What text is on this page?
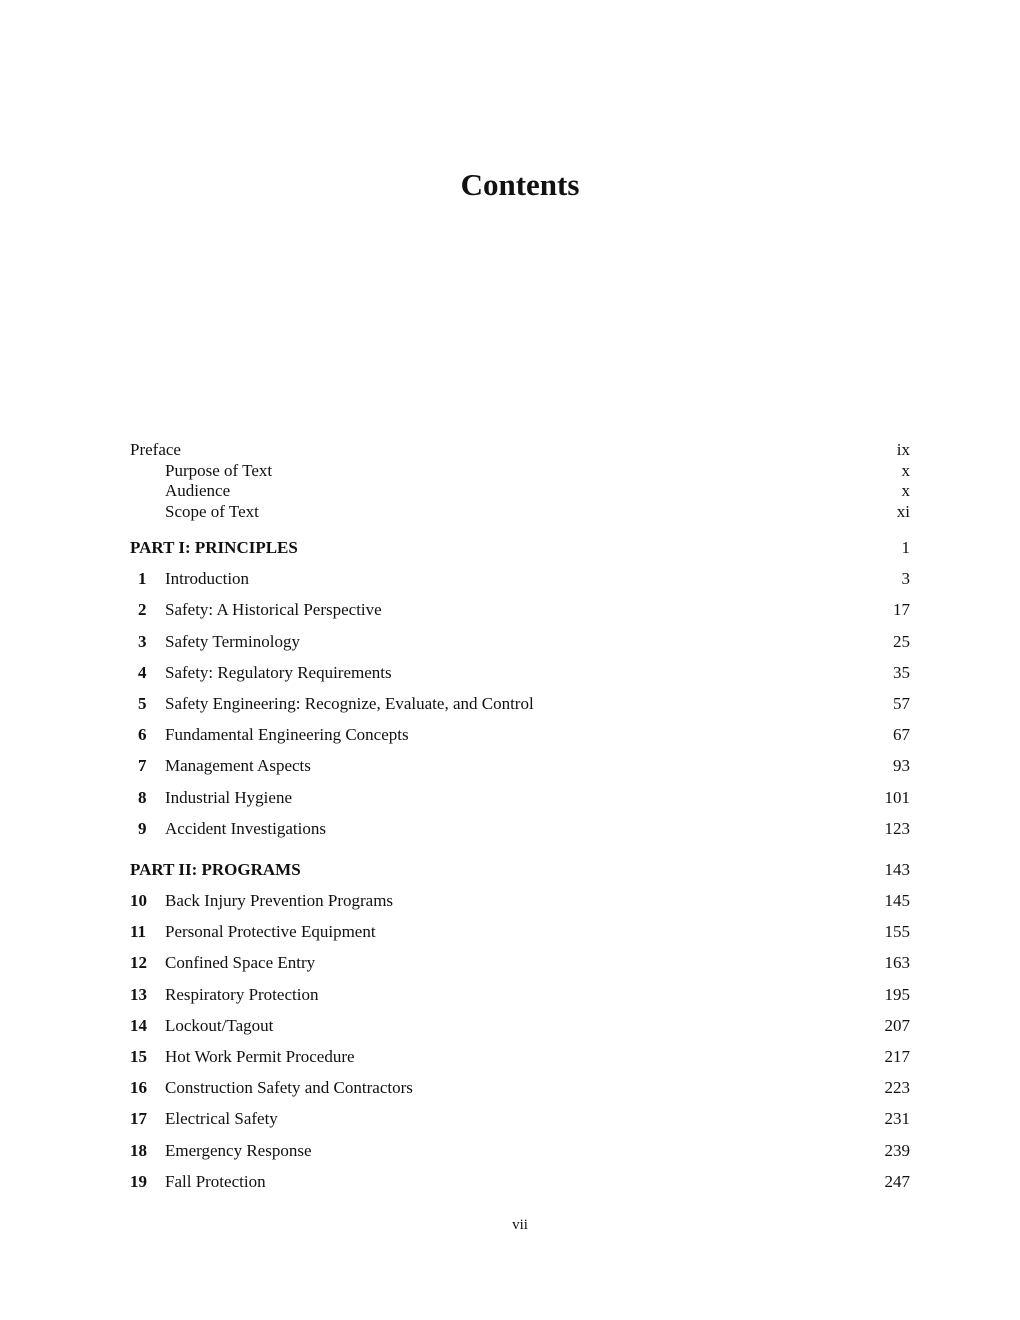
Contents
Preface	ix
Purpose of Text	x
Audience	x
Scope of Text	xi
PART I: PRINCIPLES	1
1 Introduction	3
2 Safety: A Historical Perspective	17
3 Safety Terminology	25
4 Safety: Regulatory Requirements	35
5 Safety Engineering: Recognize, Evaluate, and Control	57
6 Fundamental Engineering Concepts	67
7 Management Aspects	93
8 Industrial Hygiene	101
9 Accident Investigations	123
PART II: PROGRAMS	143
10 Back Injury Prevention Programs	145
11 Personal Protective Equipment	155
12 Confined Space Entry	163
13 Respiratory Protection	195
14 Lockout/Tagout	207
15 Hot Work Permit Procedure	217
16 Construction Safety and Contractors	223
17 Electrical Safety	231
18 Emergency Response	239
19 Fall Protection	247
vii
